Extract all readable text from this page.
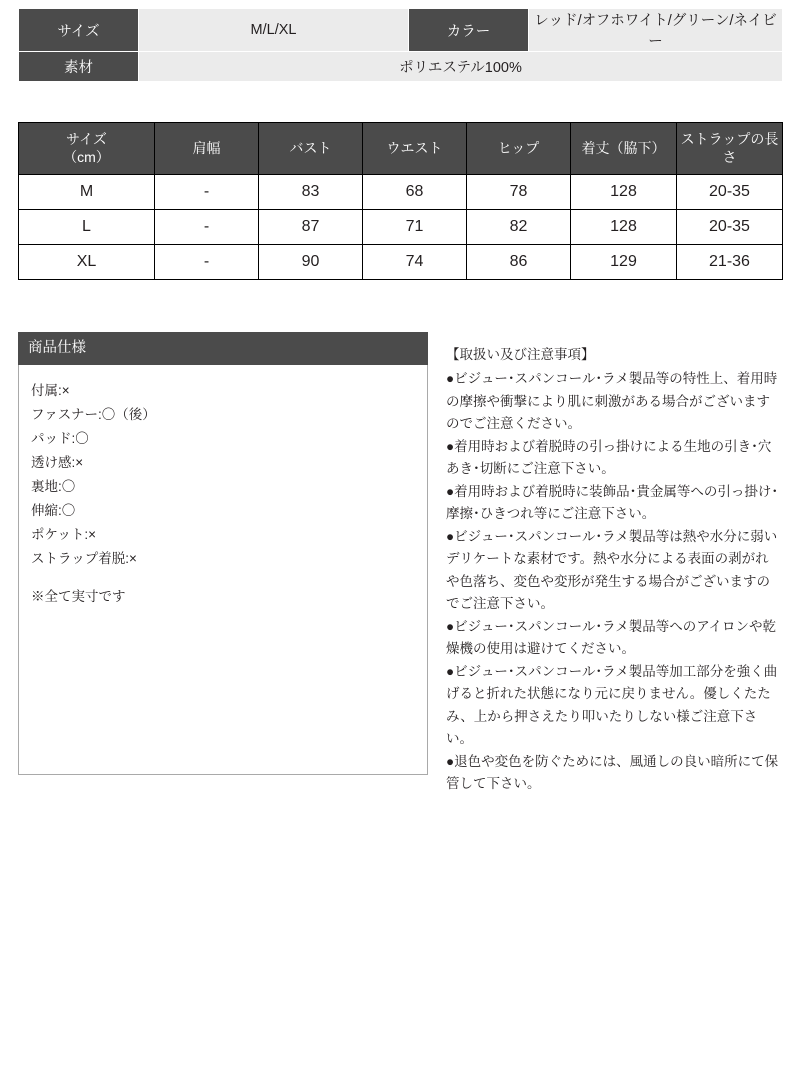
サイズ	M/L/XL	カラー	レッド/オフホワイト/グリーン/ネイビー
素材	ポリエステル100%		
サイズ
（cm）	肩幅	バスト	ウエスト	ヒップ	着丈（脇下）	ストラップの長さ
M	-	83	68	78	128	20-35
L	-	87	71	82	128	20-35
XL	-	90	74	86	129	21-36
商品仕様
付属:×
ファスナー:〇（後）
パッド:〇
透け感:×
裏地:〇
伸縮:〇
ポケット:×
ストラップ着脱:×
※全て実寸です
【取扱い及び注意事項】

●ビジュー･スパンコール･ラメ製品等の特性上、着用時の摩擦や衝撃により肌に刺激がある場合がございますのでご注意ください。

●着用時および着脱時の引っ掛けによる生地の引き･穴あき･切断にご注意下さい。

●着用時および着脱時に装飾品･貴金属等への引っ掛け･摩擦･ひきつれ等にご注意下さい。

●ビジュー･スパンコール･ラメ製品等は熱や水分に弱いデリケートな素材です。熱や水分による表面の剥がれや色落ち、変色や変形が発生する場合がございますのでご注意下さい。

●ビジュー･スパンコール･ラメ製品等へのアイロンや乾燥機の使用は避けてください。

●ビジュー･スパンコール･ラメ製品等加工部分を強く曲げると折れた状態になり元に戻りません。優しくたたみ、上から押さえたり叩いたりしない様ご注意下さい。

●退色や変色を防ぐためには、風通しの良い暗所にて保管して下さい。
